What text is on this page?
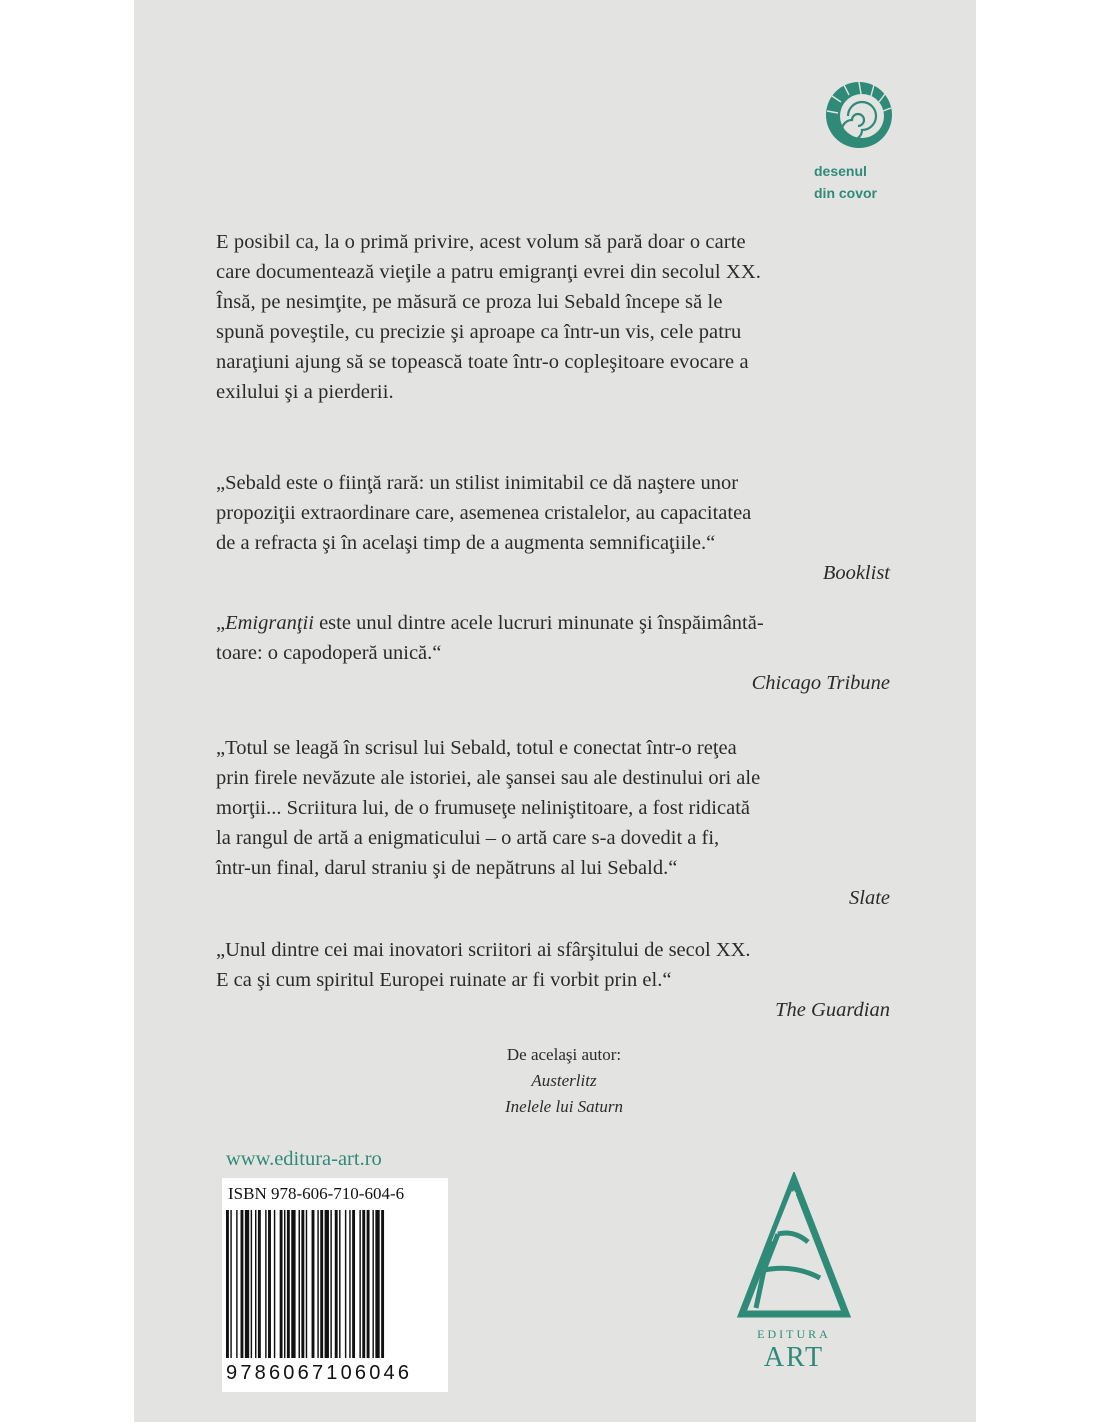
desenul
din covor

E posibil ca, la o primă privire, acest volum să pară doar o carte
care documentează vieţile a patru emigranţi evrei din secolul XX.
Însă, pe nesimţite, pe măsură ce proza lui Sebald începe să le
spună poveştile, cu precizie şi aproape ca într-un vis, cele patru
naraţiuni ajung să se topească toate într-o copleşitoare evocare a
exilului şi a pierderii.

„Sebald este o fiinţă rară: un stilist inimitabil ce dă naştere unor
propoziţii extraordinare care, asemenea cristalelor, au capacitatea
de a refracta şi în acelaşi timp de a augmenta semnificaţiile.“
Booklist

„Emigranţii este unul dintre acele lucruri minunate şi înspăimântă-
toare: o capodoperă unică.“
Chicago Tribune

„Totul se leagă în scrisul lui Sebald, totul e conectat într-o reţea
prin firele nevăzute ale istoriei, ale şansei sau ale destinului ori ale
morţii... Scriitura lui, de o frumuseţe neliniştitoare, a fost ridicată
la rangul de artă a enigmaticului – o artă care s-a dovedit a fi,
într-un final, darul straniu şi de nepătruns al lui Sebald.“
Slate

„Unul dintre cei mai inovatori scriitori ai sfârşitului de secol XX.
E ca şi cum spiritul Europei ruinate ar fi vorbit prin el.“
The Guardian

De acelaşi autor:
Austerlitz
Inelele lui Saturn
www.editura-art.ro
ISBN 978-606-710-604-6
9786067106046
EDITURA
ART
